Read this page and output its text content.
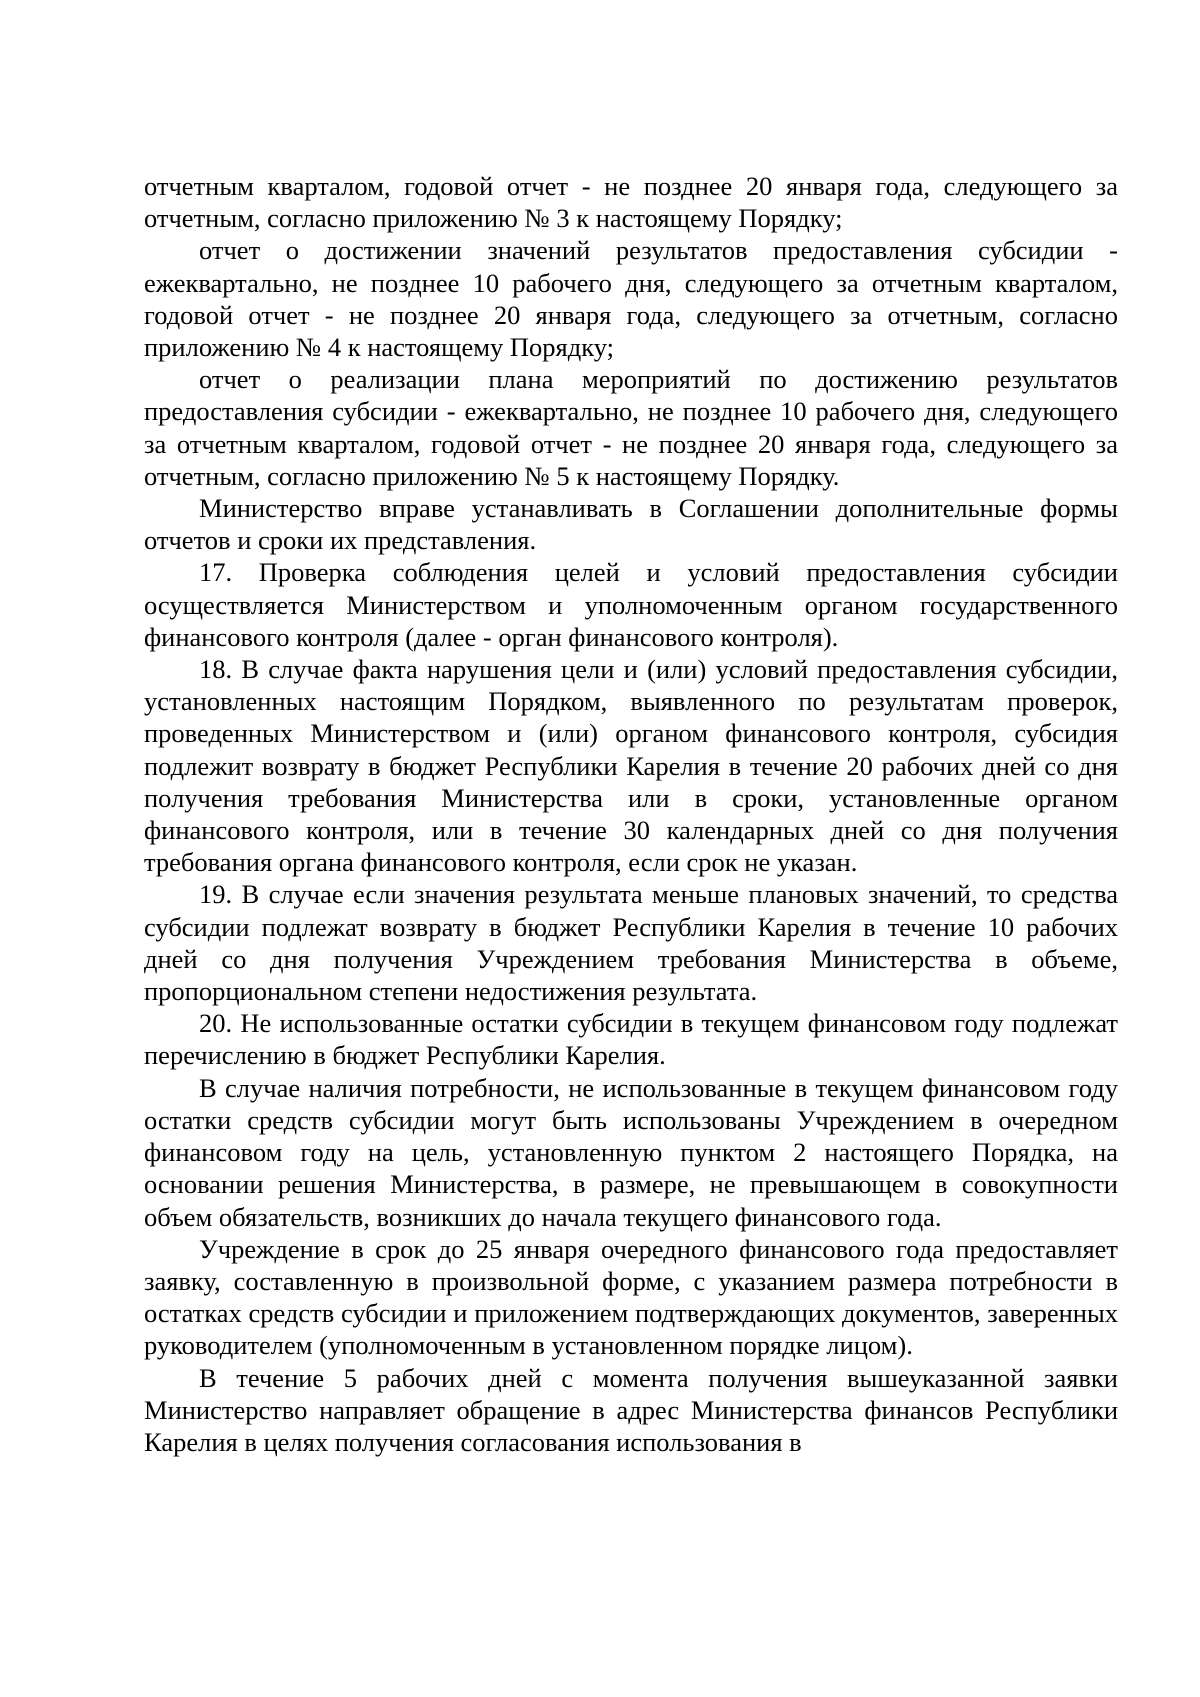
отчетным кварталом, годовой отчет - не позднее 20 января года, следующего за отчетным, согласно приложению № 3 к настоящему Порядку;

отчет о достижении значений результатов предоставления субсидии - ежеквартально, не позднее 10 рабочего дня, следующего за отчетным кварталом, годовой отчет - не позднее 20 января года, следующего за отчетным, согласно приложению № 4 к настоящему Порядку;

отчет о реализации плана мероприятий по достижению результатов предоставления субсидии - ежеквартально, не позднее 10 рабочего дня, следующего за отчетным кварталом, годовой отчет - не позднее 20 января года, следующего за отчетным, согласно приложению № 5 к настоящему Порядку.

Министерство вправе устанавливать в Соглашении дополнительные формы отчетов и сроки их представления.

17. Проверка соблюдения целей и условий предоставления субсидии осуществляется Министерством и уполномоченным органом государственного финансового контроля (далее - орган финансового контроля).

18. В случае факта нарушения цели и (или) условий предоставления субсидии, установленных настоящим Порядком, выявленного по результатам проверок, проведенных Министерством и (или) органом финансового контроля, субсидия подлежит возврату в бюджет Республики Карелия в течение 20 рабочих дней со дня получения требования Министерства или в сроки, установленные органом финансового контроля, или в течение 30 календарных дней со дня получения требования органа финансового контроля, если срок не указан.

19. В случае если значения результата меньше плановых значений, то средства субсидии подлежат возврату в бюджет Республики Карелия в течение 10 рабочих дней со дня получения Учреждением требования Министерства в объеме, пропорциональном степени недостижения результата.

20. Не использованные остатки субсидии в текущем финансовом году подлежат перечислению в бюджет Республики Карелия.

В случае наличия потребности, не использованные в текущем финансовом году остатки средств субсидии могут быть использованы Учреждением в очередном финансовом году на цель, установленную пунктом 2 настоящего Порядка, на основании решения Министерства, в размере, не превышающем в совокупности объем обязательств, возникших до начала текущего финансового года.

Учреждение в срок до 25 января очередного финансового года предоставляет заявку, составленную в произвольной форме, с указанием размера потребности в остатках средств субсидии и приложением подтверждающих документов, заверенных руководителем (уполномоченным в установленном порядке лицом).

В течение 5 рабочих дней с момента получения вышеуказанной заявки Министерство направляет обращение в адрес Министерства финансов Республики Карелия в целях получения согласования использования в
